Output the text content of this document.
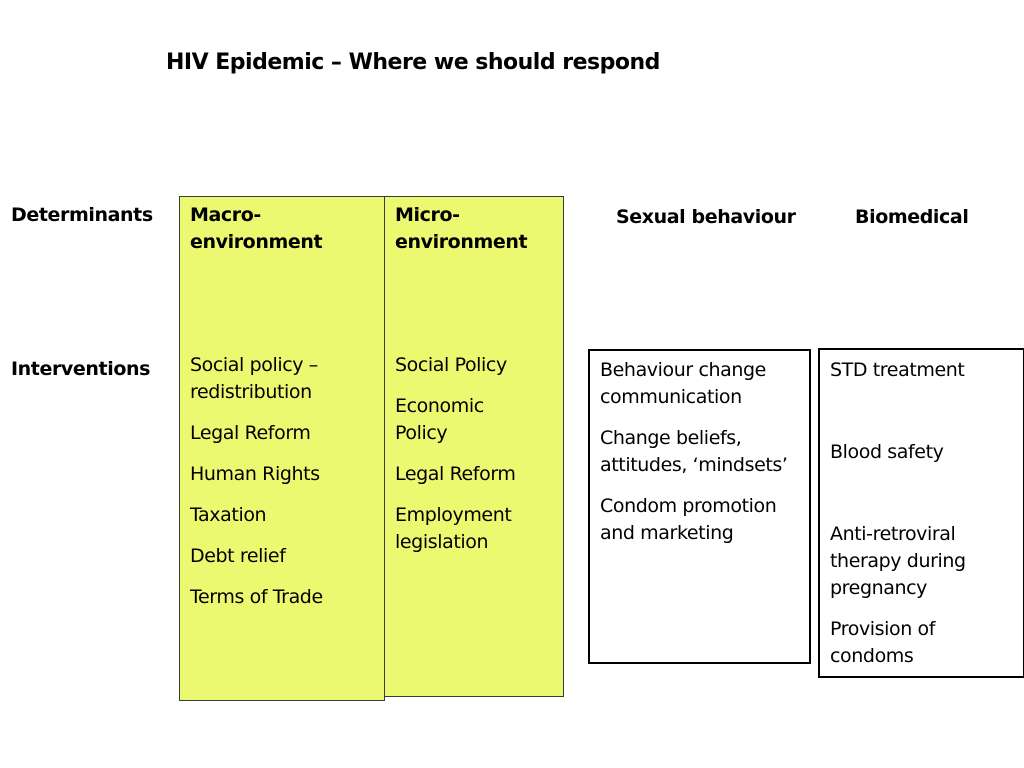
HIV Epidemic – Where we should respond
Determinants
Interventions
Micro-
environment
Social Policy
Economic Policy
Legal Reform
Employment legislation
Macro-
environment
Social policy – redistribution
Legal Reform
Human Rights
Taxation
Debt relief
Terms of Trade
Sexual behaviour
Behaviour change communication
Change beliefs, attitudes, ‘mindsets’
Condom promotion and marketing
Biomedical
STD treatment
Blood safety
Anti-retroviral therapy during pregnancy
Provision of condoms
